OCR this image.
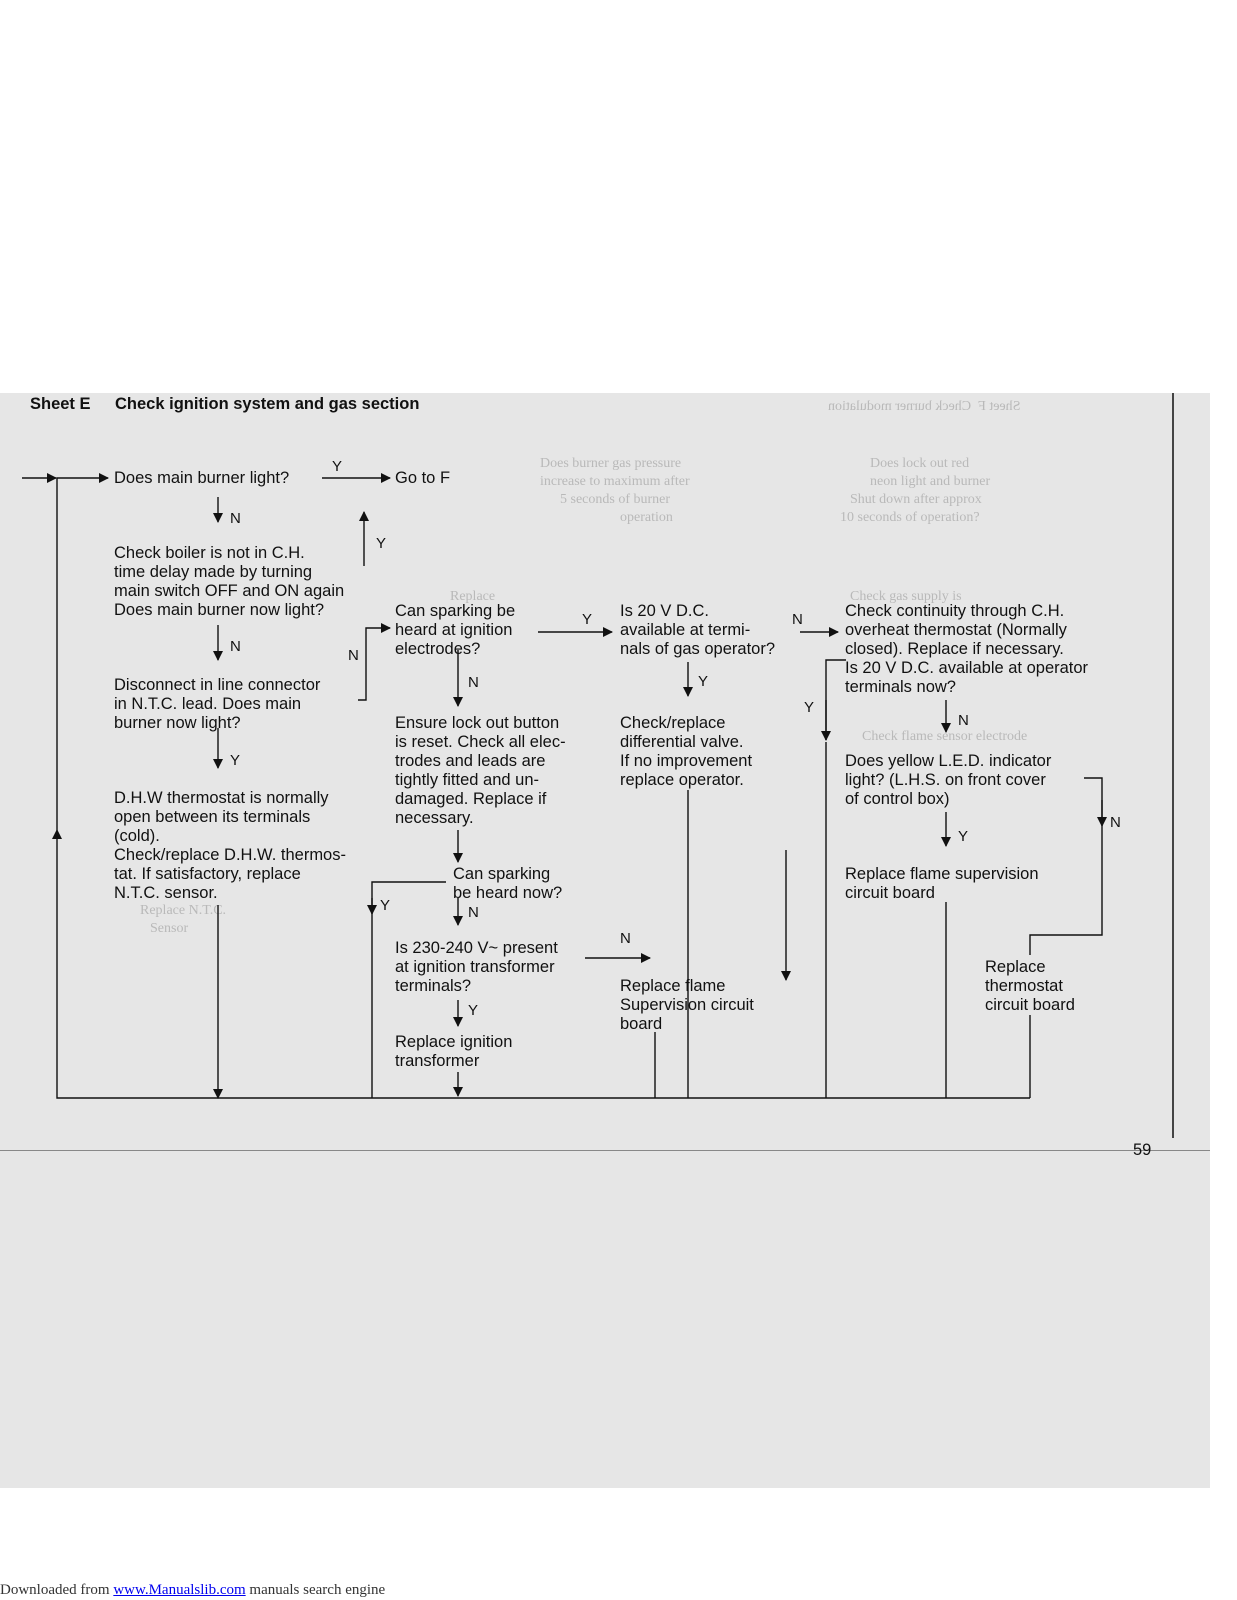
Sheet F  Check burner modulation
Does lock out red
neon light and burner
Shut down after approx
10 seconds of operation?
Does burner gas pressure
increase to maximum after
5 seconds of burner
operation
Check gas supply is
Check flame sensor electrode
Replace
Replace N.T.C.
Sensor
Sheet E Check ignition system and gas section
Y
N
Y
N
Y
N
Y
N
Y	N
Y
N
N
Y
Y
N
Y
N
Does main burner light?	Go to F
Check boiler is not in C.H.
time delay made by turning
main switch OFF and ON again
Does main burner now light?
Disconnect in line connector
in N.T.C. lead. Does main
burner now light?
D.H.W thermostat is normally
open between its terminals
(cold).
Check/replace D.H.W. thermos-
tat. If satisfactory, replace
N.T.C. sensor.
Can sparking be
heard at ignition
electrodes?
Ensure lock out button
is reset. Check all elec-
trodes and leads are
tightly fitted and un-
damaged. Replace if
necessary.
Can sparking
be heard now?
Is 230-240 V~ present
at ignition transformer
terminals?
Replace ignition
transformer
Is 20 V D.C.
available at termi-
nals of gas operator?
Check/replace
differential valve.
If no improvement
replace operator.
Replace flame
Supervision circuit
board
Check continuity through C.H.
overheat thermostat (Normally
closed). Replace if necessary.
Is 20 V D.C. available at operator
terminals now?
Does yellow L.E.D. indicator
light? (L.H.S. on front cover
of control box)
Replace flame supervision
circuit board
Replace
thermostat
circuit board
59
Downloaded from www.Manualslib.com manuals search engine
